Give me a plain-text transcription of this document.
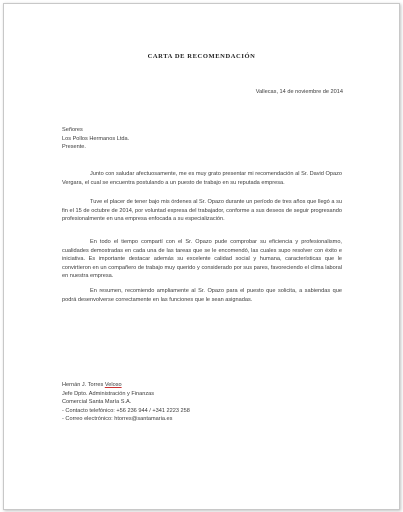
CARTA DE RECOMENDACIÓN
Vallecas, 14 de noviembre de 2014
Señores
Los Pollos Hermanos Ltda.
Presente.
Junto con saludar afectuosamente, me es muy grato presentar mi recomendación al Sr. David Opazo Vergara, el cual se encuentra postulando a un puesto de trabajo en su reputada empresa.
Tuve el placer de tener bajo mis órdenes al Sr. Opazo durante un período de tres años que llegó a su fin el 15 de octubre de 2014, por voluntad expresa del trabajador, conforme a sus deseos de seguir progresando profesionalmente en una empresa enfocada a su especialización.
En todo el tiempo compartí con el Sr. Opazo pude comprobar su eficiencia y profesionalismo, cualidades demostradas en cada una de las tareas que se le encomendó, las cuales supo resolver con éxito e iniciativa. Es importante destacar además su excelente calidad social y humana, características que le convirtieron en un compañero de trabajo muy querido y considerado por sus pares, favoreciendo el clima laboral en nuestra empresa.
En resumen, recomiendo ampliamente al Sr. Opazo para el puesto que solicita, a sabiendas que podrá desenvolverse correctamente en las funciones que le sean asignadas.
Hernán J. Torres Veloso
Jefe Dpto. Administración y Finanzas
Comercial Santa María S.A.
- Contacto telefónico: +56 236 944 / +341 2223 258
- Correo electrónico: htorres@santamaria.es
